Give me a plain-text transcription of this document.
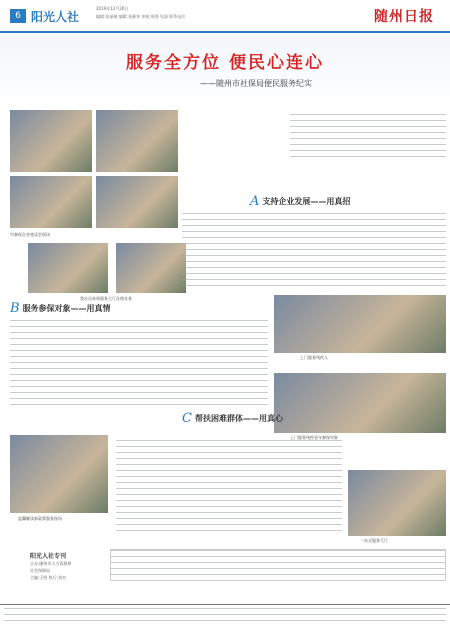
6 阳光人社
2019年12月26日
编辑:张丽娟 编辑:张静华 审校:周强 见面 联系电话	随州日报
服务全方位 便民心连心
——随州市社保局便民服务纪实
市参保企业座谈会现场
我社员来到服务大厅办理业务
A 支持企业发展——用真招
B 服务参保对象——用真情
上门服务残疾人
上门服务残疾老年参保对象
C 帮扶困难群体——用真心
温馨解读新政策服务现场
一站式服务大厅
阳光人社专刊
主办:随州市人力资源和
社会保障局
主编:王明 执行:刘杰
